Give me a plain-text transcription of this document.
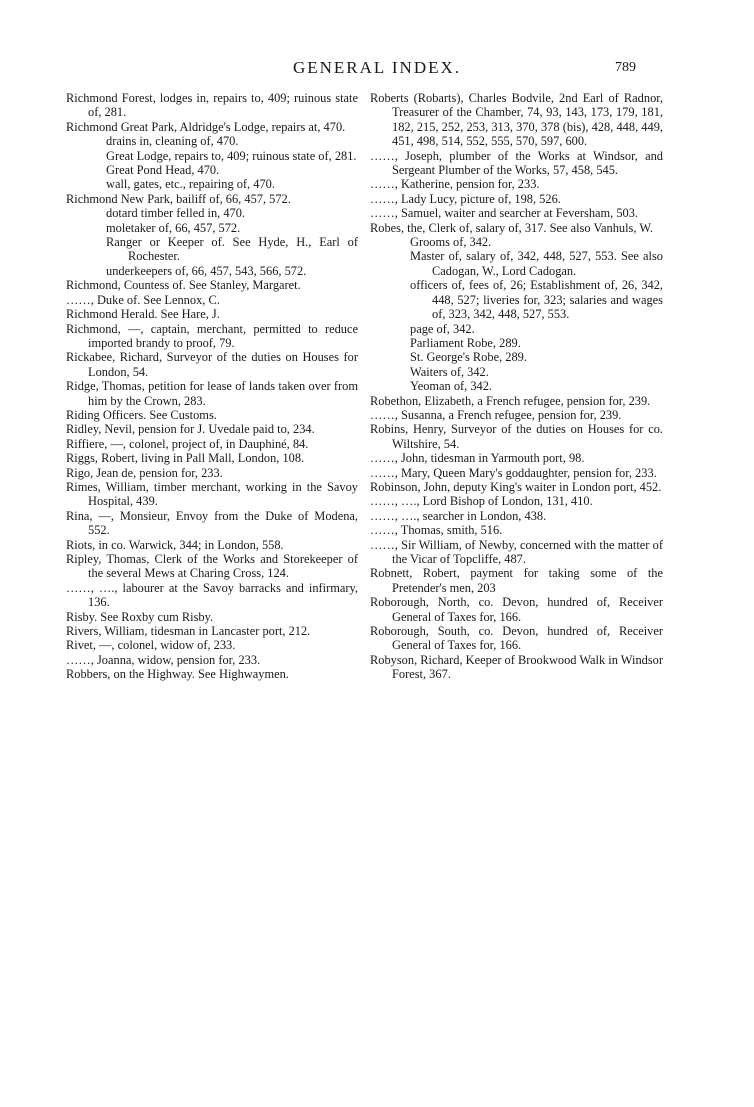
GENERAL INDEX.	789

Richmond Forest, lodges in, repairs to, 409; ruinous state of, 281.

Richmond Great Park, Aldridge's Lodge, repairs at, 470.

drains in, cleaning of, 470.

Great Lodge, repairs to, 409; ruinous state of, 281.

Great Pond Head, 470.

wall, gates, etc., repairing of, 470.

Richmond New Park, bailiff of, 66, 457, 572.

dotard timber felled in, 470.

moletaker of, 66, 457, 572.

Ranger or Keeper of. See Hyde, H., Earl of Rochester.

underkeepers of, 66, 457, 543, 566, 572.

Richmond, Countess of. See Stanley, Margaret.

……, Duke of. See Lennox, C.

Richmond Herald. See Hare, J.

Richmond, —, captain, merchant, permitted to reduce imported brandy to proof, 79.

Rickabee, Richard, Surveyor of the duties on Houses for London, 54.

Ridge, Thomas, petition for lease of lands taken over from him by the Crown, 283.

Riding Officers. See Customs.

Ridley, Nevil, pension for J. Uvedale paid to, 234.

Riffiere, —, colonel, project of, in Dauphiné, 84.

Riggs, Robert, living in Pall Mall, London, 108.

Rigo, Jean de, pension for, 233.

Rimes, William, timber merchant, working in the Savoy Hospital, 439.

Rina, —, Monsieur, Envoy from the Duke of Modena, 552.

Riots, in co. Warwick, 344; in London, 558.

Ripley, Thomas, Clerk of the Works and Storekeeper of the several Mews at Charing Cross, 124.

……, …., labourer at the Savoy barracks and infirmary, 136.

Risby. See Roxby cum Risby.

Rivers, William, tidesman in Lancaster port, 212.

Rivet, —, colonel, widow of, 233.

……, Joanna, widow, pension for, 233.

Robbers, on the Highway. See Highwaymen.

Roberts (Robarts), Charles Bodvile, 2nd Earl of Radnor, Treasurer of the Chamber, 74, 93, 143, 173, 179, 181, 182, 215, 252, 253, 313, 370, 378 (bis), 428, 448, 449, 451, 498, 514, 552, 555, 570, 597, 600.

……, Joseph, plumber of the Works at Windsor, and Sergeant Plumber of the Works, 57, 458, 545.

……, Katherine, pension for, 233.

……, Lady Lucy, picture of, 198, 526.

……, Samuel, waiter and searcher at Feversham, 503.

Robes, the, Clerk of, salary of, 317. See also Vanhuls, W.

Grooms of, 342.

Master of, salary of, 342, 448, 527, 553. See also Cadogan, W., Lord Cadogan.

officers of, fees of, 26; Establishment of, 26, 342, 448, 527; liveries for, 323; salaries and wages of, 323, 342, 448, 527, 553.

page of, 342.

Parliament Robe, 289.

St. George's Robe, 289.

Waiters of, 342.

Yeoman of, 342.

Robethon, Elizabeth, a French refugee, pension for, 239.

……, Susanna, a French refugee, pension for, 239.

Robins, Henry, Surveyor of the duties on Houses for co. Wiltshire, 54.

……, John, tidesman in Yarmouth port, 98.

……, Mary, Queen Mary's goddaughter, pension for, 233.

Robinson, John, deputy King's waiter in London port, 452.

……, …., Lord Bishop of London, 131, 410.

……, …., searcher in London, 438.

……, Thomas, smith, 516.

……, Sir William, of Newby, concerned with the matter of the Vicar of Topcliffe, 487.

Robnett, Robert, payment for taking some of the Pretender's men, 203

Roborough, North, co. Devon, hundred of, Receiver General of Taxes for, 166.

Roborough, South, co. Devon, hundred of, Receiver General of Taxes for, 166.

Robyson, Richard, Keeper of Brookwood Walk in Windsor Forest, 367.
